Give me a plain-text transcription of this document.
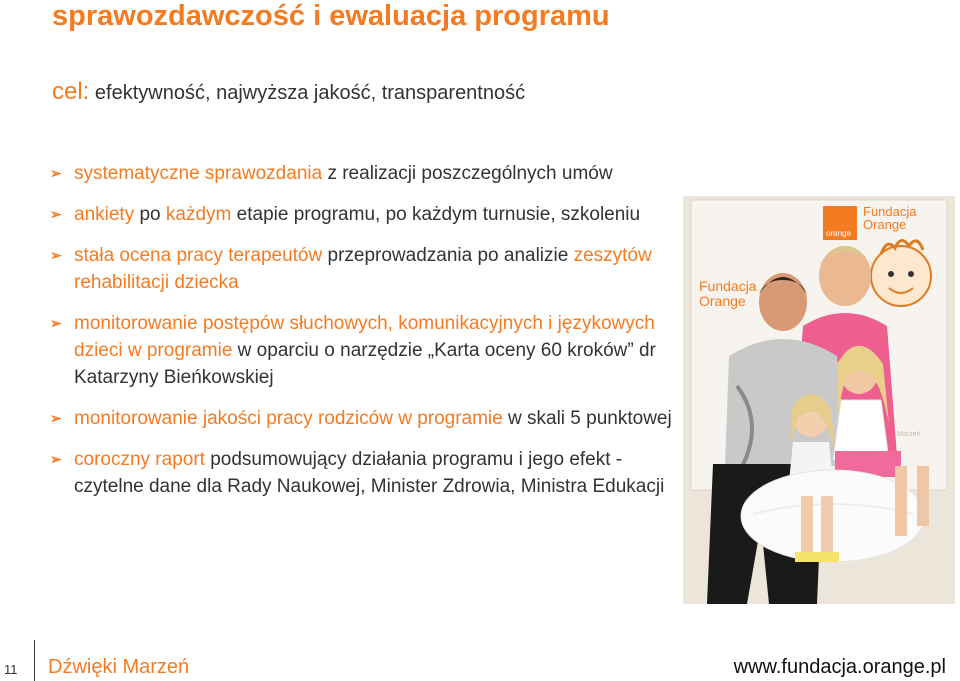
sprawozdawczość i ewaluacja programu
cel: efektywność, najwyższa jakość, transparentność
➢ systematyczne sprawozdania z realizacji poszczególnych umów
➢ ankiety po każdym etapie programu, po każdym turnusie, szkoleniu
➢ stała ocena pracy terapeutów przeprowadzania po analizie zeszytów rehabilitacji dziecka
➢ monitorowanie postępów słuchowych, komunikacyjnych i językowych dzieci w programie w oparciu o narzędzie „Karta oceny 60 kroków” dr Katarzyny Bieńkowskiej
➢ monitorowanie jakości pracy rodziców w programie w skali 5 punktowej
➢ coroczny raport podsumowujący działania programu i jego efekt - czytelne dane dla Rady Naukowej, Minister Zdrowia, Ministra Edukacji
orange
Fundacja
Orange
Fundacja
Orange
Marzeń
11 Dźwięki Marzeń	www.fundacja.orange.pl
